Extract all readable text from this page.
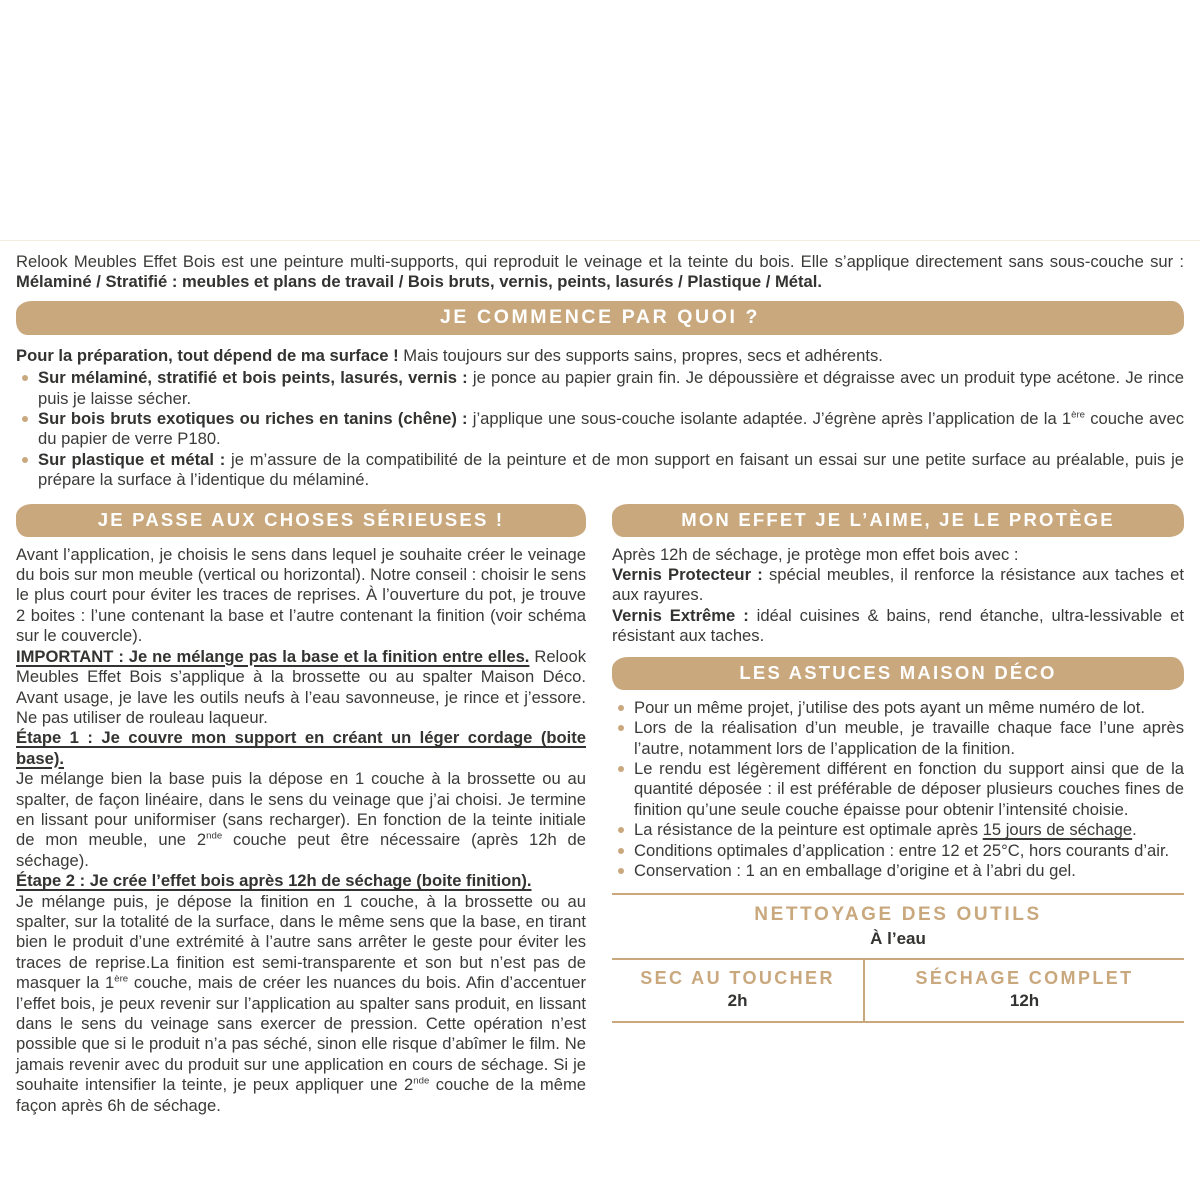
Relook Meubles Effet Bois est une peinture multi-supports, qui reproduit le veinage et la teinte du bois. Elle s’applique directement sans sous-couche sur : Mélaminé / Stratifié : meubles et plans de travail / Bois bruts, vernis, peints, lasurés / Plastique / Métal.

JE COMMENCE PAR QUOI ?

Pour la préparation, tout dépend de ma surface ! Mais toujours sur des supports sains, propres, secs et adhérents.

Sur mélaminé, stratifié et bois peints, lasurés, vernis : je ponce au papier grain fin. Je dépoussière et dégraisse avec un produit type acétone. Je rince puis je laisse sécher.
Sur bois bruts exotiques ou riches en tanins (chêne) : j’applique une sous-couche isolante adaptée. J’égrène après l’application de la 1ère couche avec du papier de verre P180.
Sur plastique et métal : je m’assure de la compatibilité de la peinture et de mon support en faisant un essai sur une petite surface au préalable, puis je prépare la surface à l’identique du mélaminé.
JE PASSE AUX CHOSES SÉRIEUSES !

Avant l’application, je choisis le sens dans lequel je souhaite créer le veinage du bois sur mon meuble (vertical ou horizontal). Notre conseil : choisir le sens le plus court pour éviter les traces de reprises. À l’ouverture du pot, je trouve 2 boites : l’une contenant la base et l’autre contenant la finition (voir schéma sur le couvercle).

IMPORTANT : Je ne mélange pas la base et la finition entre elles. Relook Meubles Effet Bois s’applique à la brossette ou au spalter Maison Déco. Avant usage, je lave les outils neufs à l’eau savonneuse, je rince et j’essore. Ne pas utiliser de rouleau laqueur.

Étape 1 : Je couvre mon support en créant un léger cordage (boite base).

Je mélange bien la base puis la dépose en 1 couche à la brossette ou au spalter, de façon linéaire, dans le sens du veinage que j’ai choisi. Je termine en lissant pour uniformiser (sans recharger). En fonction de la teinte initiale de mon meuble, une 2nde couche peut être nécessaire (après 12h de séchage).

Étape 2 : Je crée l’effet bois après 12h de séchage (boite finition).

Je mélange puis, je dépose la finition en 1 couche, à la brossette ou au spalter, sur la totalité de la surface, dans le même sens que la base, en tirant bien le produit d’une extrémité à l’autre sans arrêter le geste pour éviter les traces de reprise.La finition est semi-transparente et son but n’est pas de masquer la 1ère couche, mais de créer les nuances du bois. Afin d’accentuer l’effet bois, je peux revenir sur l’application au spalter sans produit, en lissant dans le sens du veinage sans exercer de pression. Cette opération n’est possible que si le produit n’a pas séché, sinon elle risque d’abîmer le film. Ne jamais revenir avec du produit sur une application en cours de séchage. Si je souhaite intensifier la teinte, je peux appliquer une 2nde couche de la même façon après 6h de séchage.

MON EFFET JE L’AIME, JE LE PROTÈGE

Après 12h de séchage, je protège mon effet bois avec :

Vernis Protecteur : spécial meubles, il renforce la résistance aux taches et aux rayures.

Vernis Extrême : idéal cuisines & bains, rend étanche, ultra-lessivable et résistant aux taches.

LES ASTUCES MAISON DÉCO
Pour un même projet, j’utilise des pots ayant un même numéro de lot.
Lors de la réalisation d’un meuble, je travaille chaque face l’une après l’autre, notamment lors de l’application de la finition.
Le rendu est légèrement différent en fonction du support ainsi que de la quantité déposée : il est préférable de déposer plusieurs couches fines de finition qu’une seule couche épaisse pour obtenir l’intensité choisie.
La résistance de la peinture est optimale après 15 jours de séchage.
Conditions optimales d’application : entre 12 et 25°C, hors courants d’air.
Conservation : 1 an en emballage d’origine et à l’abri du gel.
NETTOYAGE DES OUTILS
À l’eau
SEC AU TOUCHER
2h
SÉCHAGE COMPLET
12h
